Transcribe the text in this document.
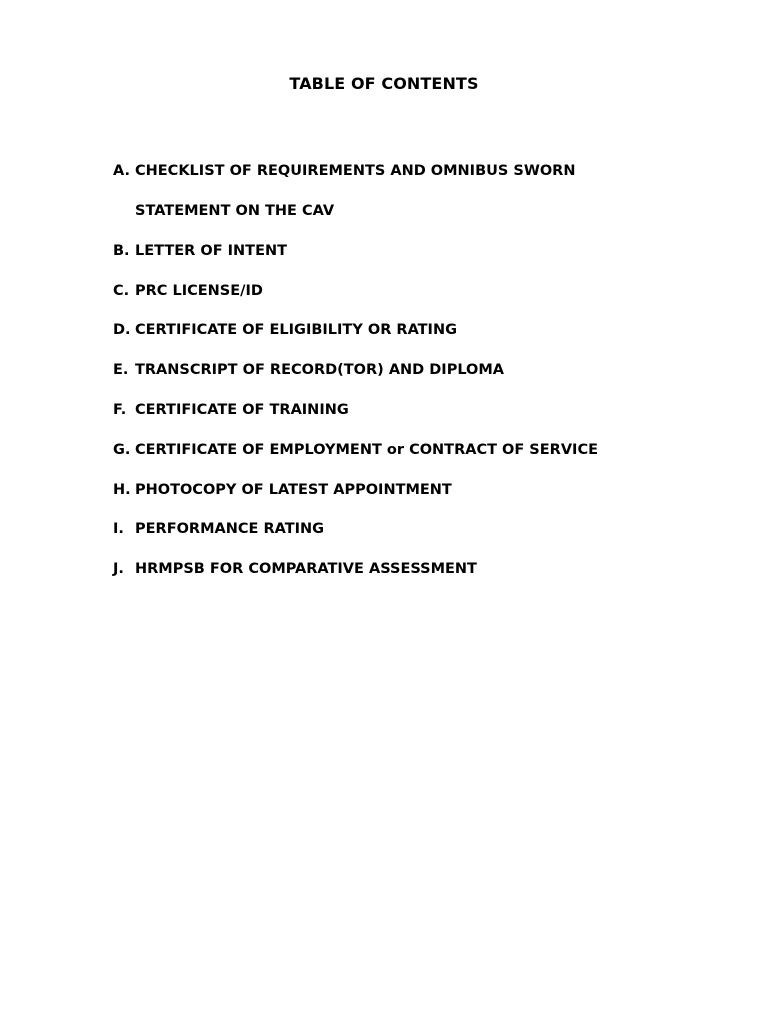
TABLE OF CONTENTS
A. CHECKLIST OF REQUIREMENTS AND OMNIBUS SWORN
STATEMENT ON THE CAV
B. LETTER OF INTENT
C. PRC LICENSE/ID
D. CERTIFICATE OF ELIGIBILITY OR RATING
E. TRANSCRIPT OF RECORD(TOR) AND DIPLOMA
F. CERTIFICATE OF TRAINING
G. CERTIFICATE OF EMPLOYMENT or CONTRACT OF SERVICE
H. PHOTOCOPY OF LATEST APPOINTMENT
I. PERFORMANCE RATING
J. HRMPSB FOR COMPARATIVE ASSESSMENT
